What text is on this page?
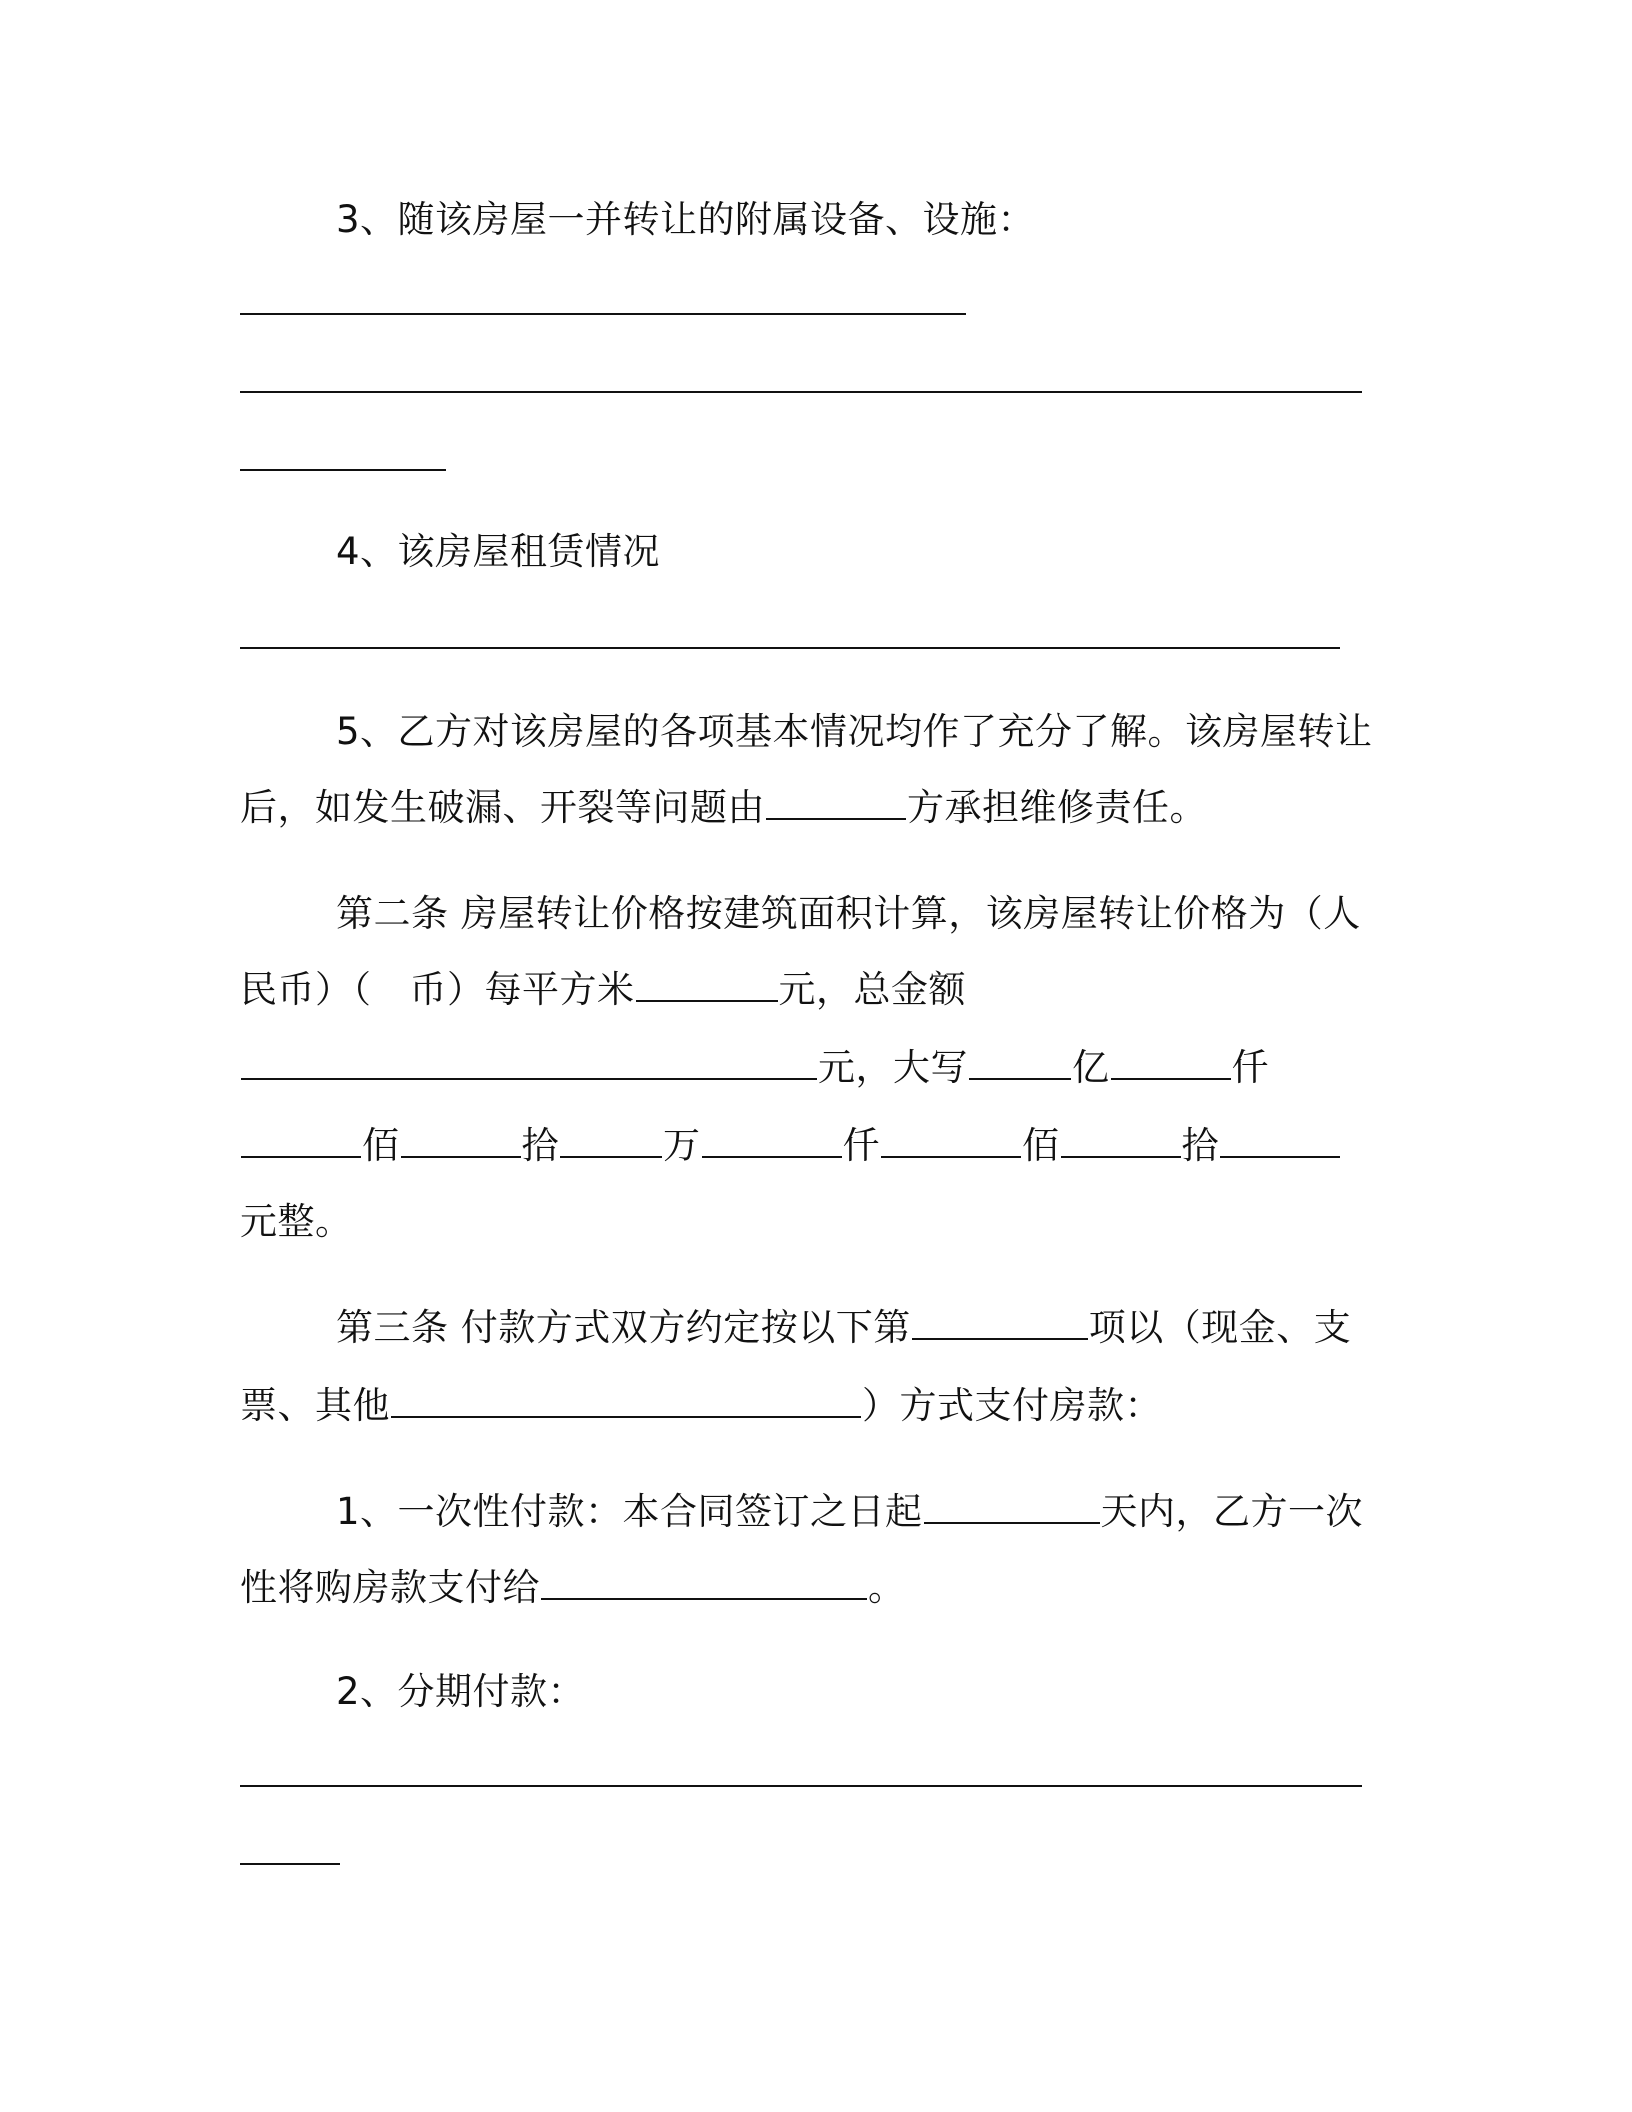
3、随该房屋一并转让的附属设备、设施：
4、该房屋租赁情况
5、乙方对该房屋的各项基本情况均作了充分了解。该房屋转让
后，如发生破漏、开裂等问题由	方承担维修责任。
第二条 房屋转让价格按建筑面积计算，该房屋转让价格为（人
民币）（ 币）每平方米	元，总金额
元，大写	亿	仟
佰	拾	万	仟	佰	拾
元整。
第三条 付款方式双方约定按以下第	项以（现金、支
票、其他	）方式支付房款：
1、一次性付款：本合同签订之日起	天内，乙方一次
性将购房款支付给	。
2、分期付款：
